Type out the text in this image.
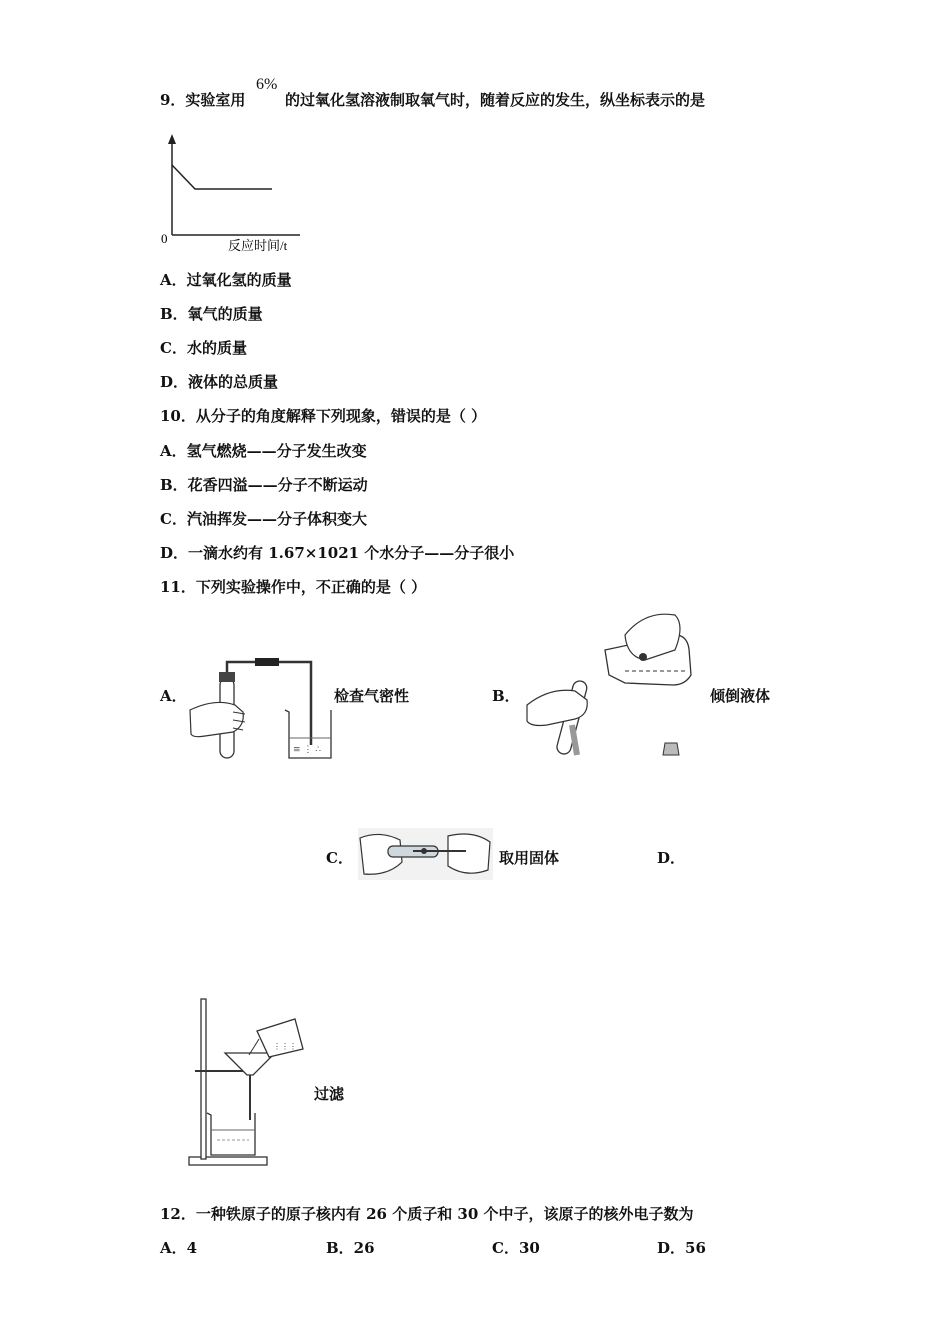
9．实验室用
6%
的过氧化氢溶液制取氧气时，随着反应的发生，纵坐标表示的是
0	反应时间/t
A．过氧化氢的质量
B．氧气的质量
C．水的质量
D．液体的总质量
10．从分子的角度解释下列现象，错误的是（ ）
A．氢气燃烧——分子发生改变
B．花香四溢——分子不断运动
C．汽油挥发——分子体积变大
D．一滴水约有 1.67×1021 个水分子——分子很小
11．下列实验操作中，不正确的是（ ）
A．
≡ ⋮ ∴
检查气密性	B．	倾倒液体
C．	取用固体	D．
⋮⋮⋮
过滤
12．一种铁原子的原子核内有 26 个质子和 30 个中子，该原子的核外电子数为
A．4	B．26	C．30	D．56
